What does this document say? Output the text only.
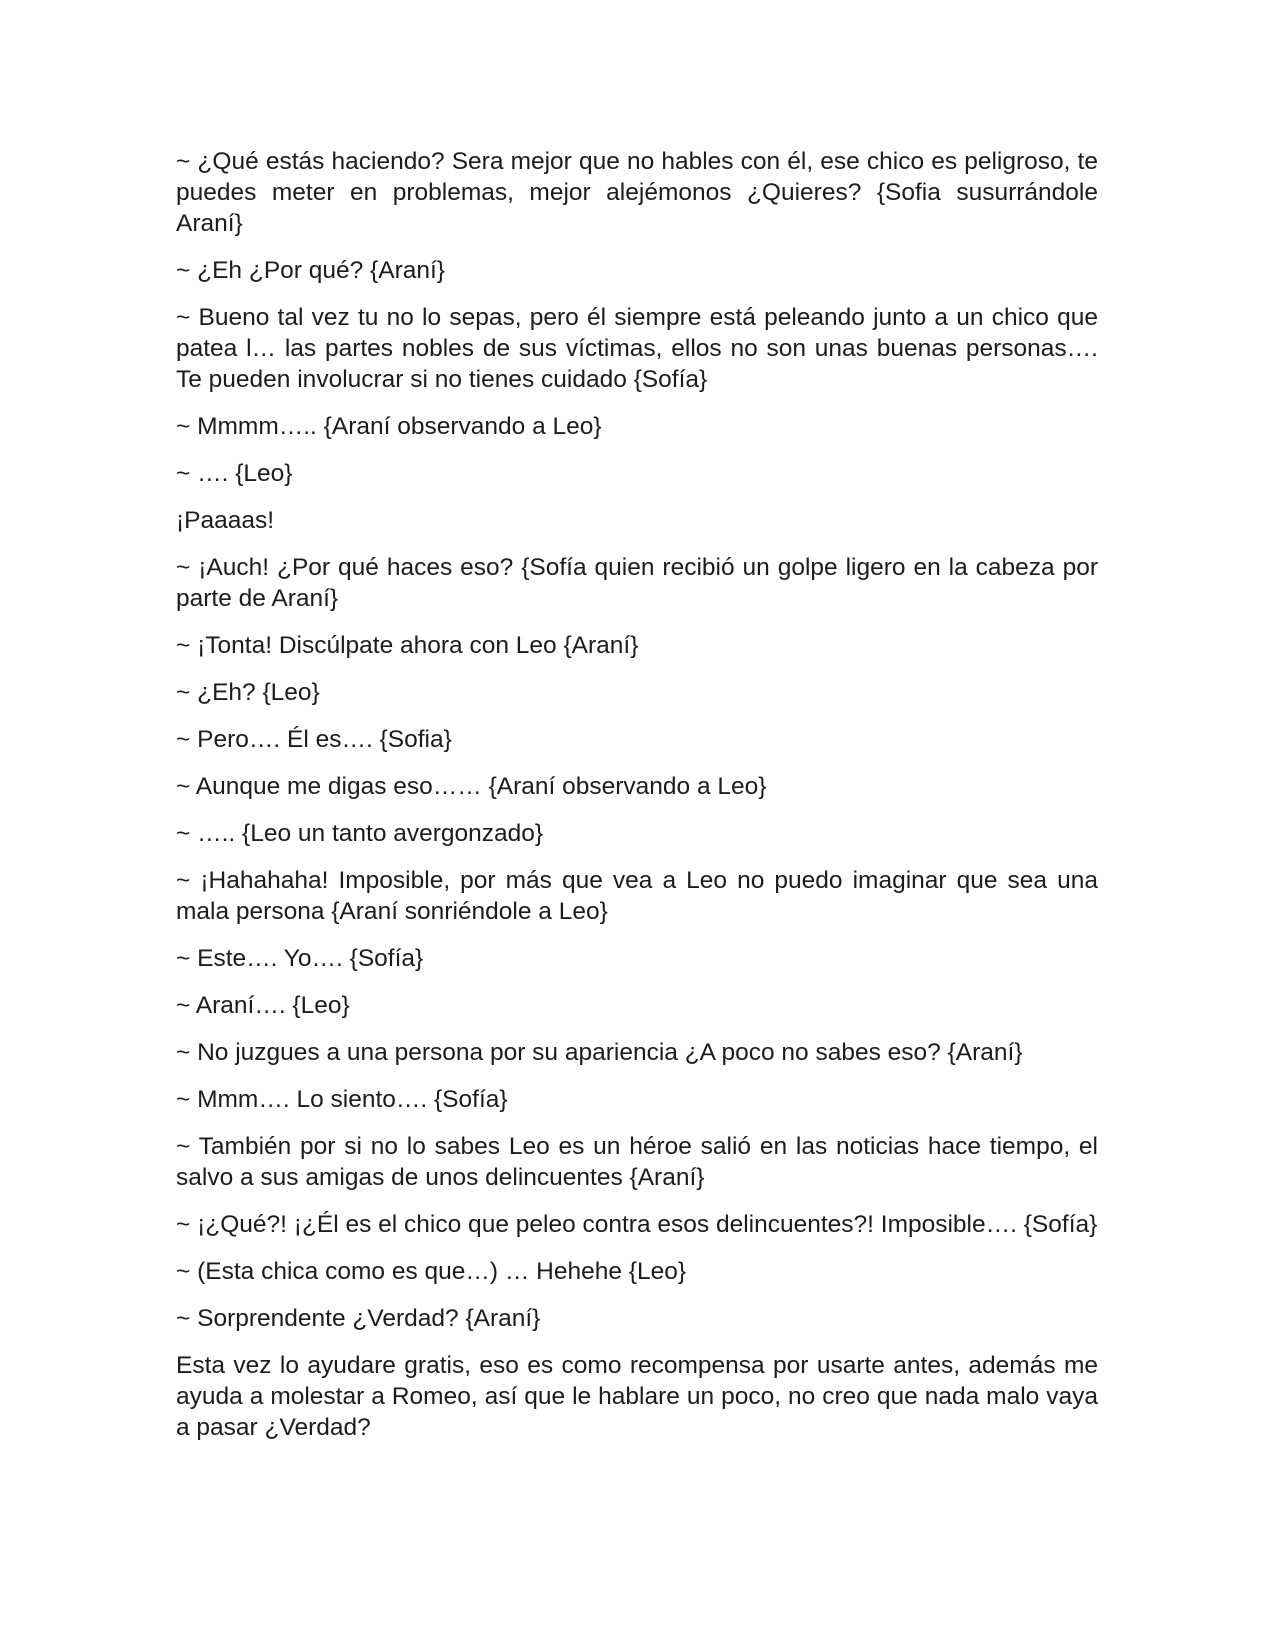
~ ¿Qué estás haciendo? Sera mejor que no hables con él, ese chico es peligroso, te puedes meter en problemas, mejor alejémonos ¿Quieres? {Sofia susurrándole Araní}

~ ¿Eh ¿Por qué? {Araní}

~ Bueno tal vez tu no lo sepas, pero él siempre está peleando junto a un chico que patea l… las partes nobles de sus víctimas, ellos no son unas buenas personas…. Te pueden involucrar si no tienes cuidado {Sofía}

~ Mmmm….. {Araní observando a Leo}

~ …. {Leo}

¡Paaaas!

~ ¡Auch! ¿Por qué haces eso? {Sofía quien recibió un golpe ligero en la cabeza por parte de Araní}

~ ¡Tonta! Discúlpate ahora con Leo {Araní}

~ ¿Eh? {Leo}

~ Pero…. Él es…. {Sofia}

~ Aunque me digas eso…… {Araní observando a Leo}

~ ….. {Leo un tanto avergonzado}

~ ¡Hahahaha! Imposible, por más que vea a Leo no puedo imaginar que sea una mala persona {Araní sonriéndole a Leo}

~ Este…. Yo…. {Sofía}

~ Araní…. {Leo}

~ No juzgues a una persona por su apariencia ¿A poco no sabes eso? {Araní}

~ Mmm…. Lo siento…. {Sofía}

~ También por si no lo sabes Leo es un héroe salió en las noticias hace tiempo, el salvo a sus amigas de unos delincuentes {Araní}

~ ¡¿Qué?! ¡¿Él es el chico que peleo contra esos delincuentes?! Imposible…. {Sofía}

~ (Esta chica como es que…) … Hehehe {Leo}

~ Sorprendente ¿Verdad? {Araní}

Esta vez lo ayudare gratis, eso es como recompensa por usarte antes, además me ayuda a molestar a Romeo, así que le hablare un poco, no creo que nada malo vaya a pasar ¿Verdad?
